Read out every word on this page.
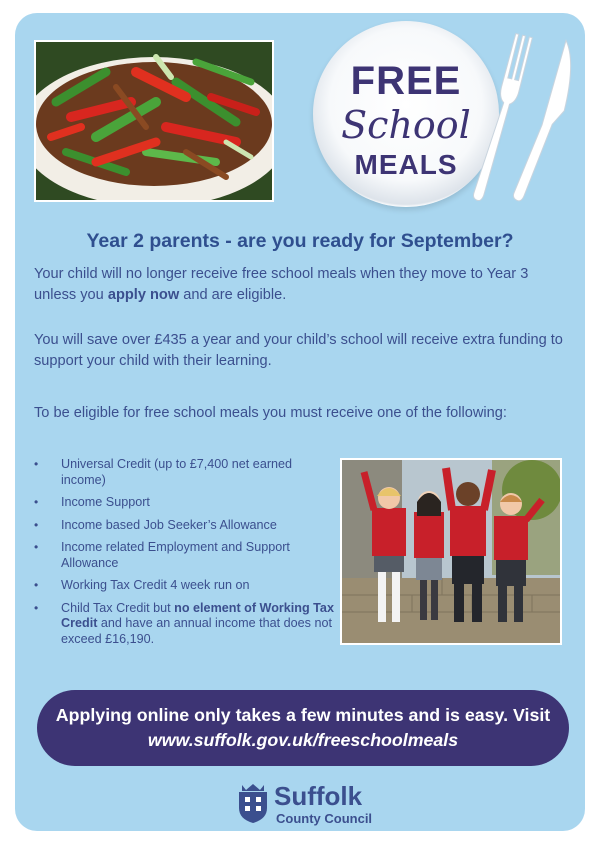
FREE
School
MEALS
Year 2 parents - are you ready for September?
Your child will no longer receive free school meals when they move to Year 3 unless you apply now and are eligible.
You will save over £435 a year and your child’s school will receive extra funding to support your child with their learning.
To be eligible for free school meals you must receive one of the following:
• Universal Credit (up to £7,400 net earned income)
• Income Support
• Income based Job Seeker’s Allowance
• Income related Employment and Support Allowance
• Working Tax Credit 4 week run on
• Child Tax Credit but no element of Working Tax Credit and have an annual income that does not exceed £16,190.
Applying online only takes a few minutes and is easy. Visit www.suffolk.gov.uk/freeschoolmeals
Suffolk
County Council
